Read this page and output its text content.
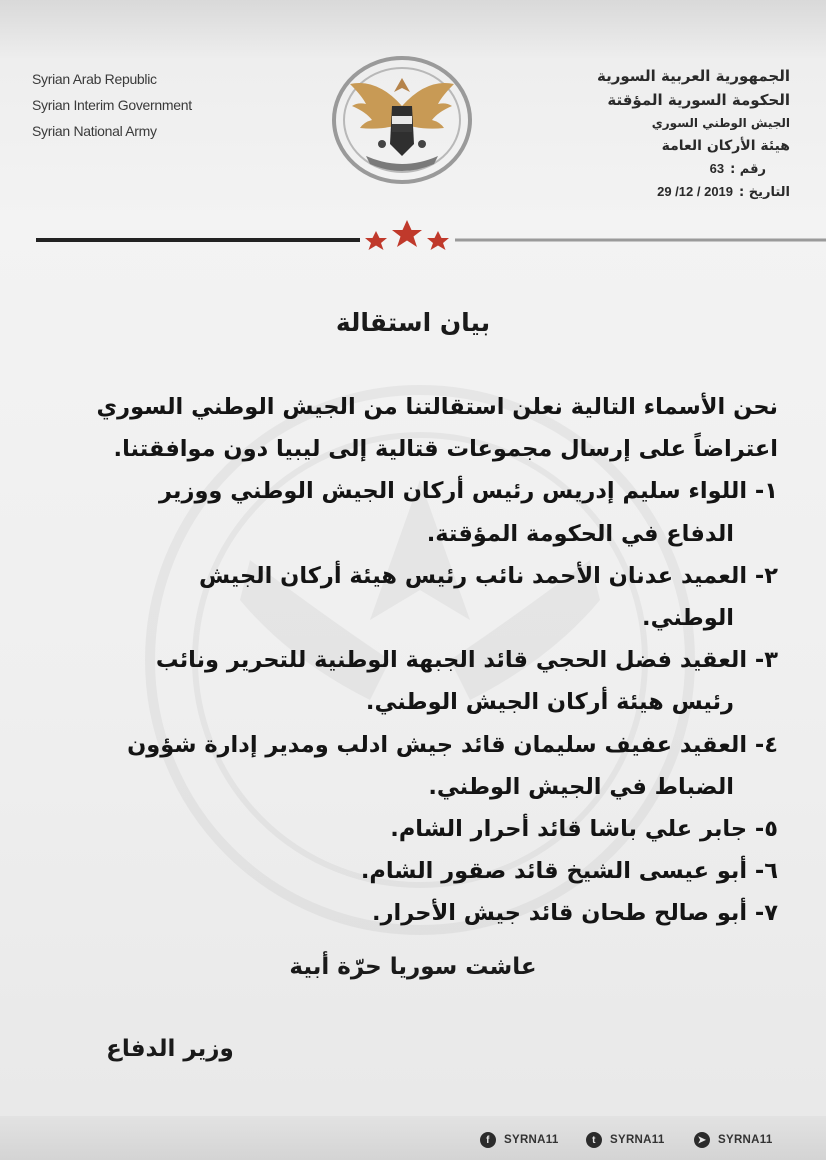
Syrian Arab Republic
Syrian Interim Government
Syrian National Army
الجمهورية العربية السورية
الحكومة السورية المؤقتة
الجيش الوطني السوري
هيئة الأركان العامة
رقم :63
التاريخ :29 /12 / 2019
بيان استقالة
نحن الأسماء التالية نعلن استقالتنا من الجيش الوطني السوري
اعتراضاً على إرسال مجموعات قتالية إلى ليبيا دون موافقتنا.
١- اللواء سليم إدريس رئيس أركان الجيش الوطني ووزير
الدفاع في الحكومة المؤقتة.
٢- العميد عدنان الأحمد نائب رئيس هيئة أركان الجيش
الوطني.
٣- العقيد فضل الحجي قائد الجبهة الوطنية للتحرير ونائب
رئيس هيئة أركان الجيش الوطني.
٤- العقيد عفيف سليمان قائد جيش ادلب ومدير إدارة شؤون
الضباط في الجيش الوطني.
٥- جابر علي باشا قائد أحرار الشام.
٦- أبو عيسى الشيخ قائد صقور الشام.
٧- أبو صالح طحان قائد جيش الأحرار.
عاشت سوريا حرّة أبية
وزير الدفاع
f	SYRNA11	t	SYRNA11	➤	SYRNA11
